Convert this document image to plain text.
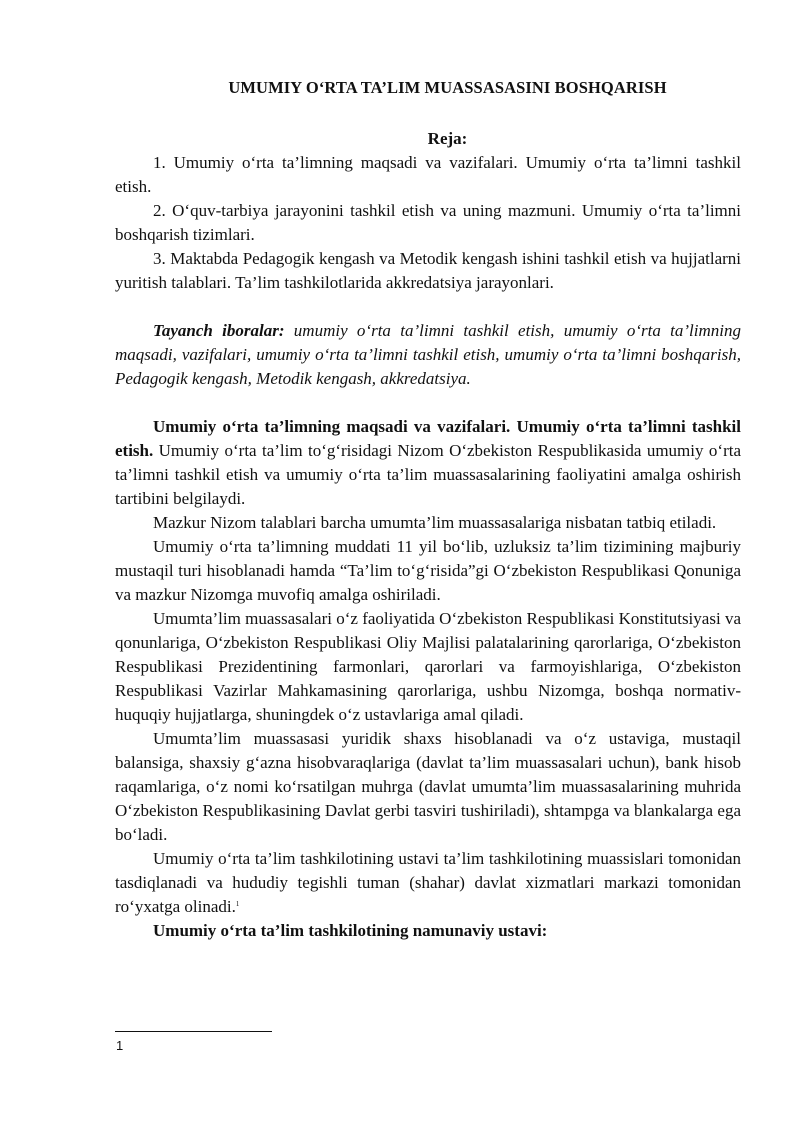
UMUMIY O‘RTA TA’LIM MUASSASASINI BOSHQARISH
Reja:

1. Umumiy o‘rta ta’limning maqsadi va vazifalari. Umumiy o‘rta ta’limni tashkil etish.

2. O‘quv-tarbiya jarayonini tashkil etish va uning mazmuni. Umumiy o‘rta ta’limni boshqarish tizimlari.

3. Maktabda Pedagogik kengash va Metodik kengash ishini tashkil etish va hujjatlarni yuritish talablari. Ta’lim tashkilotlarida akkredatsiya jarayonlari.

Tayanch iboralar: umumiy o‘rta ta’limni tashkil etish, umumiy o‘rta ta’limning maqsadi, vazifalari, umumiy o‘rta ta’limni tashkil etish, umumiy o‘rta ta’limni boshqarish, Pedagogik kengash, Metodik kengash, akkredatsiya.

Umumiy o‘rta ta’limning maqsadi va vazifalari. Umumiy o‘rta ta’limni tashkil etish. Umumiy o‘rta ta’lim to‘g‘risidagi Nizom O‘zbekiston Respublikasida umumiy o‘rta ta’limni tashkil etish va umumiy o‘rta ta’lim muassasalarining faoliyatini amalga oshirish tartibini belgilaydi.

Mazkur Nizom talablari barcha umumta’lim muassasalariga nisbatan tatbiq etiladi.

Umumiy o‘rta ta’limning muddati 11 yil bo‘lib, uzluksiz ta’lim tizimining majburiy mustaqil turi hisoblanadi hamda “Ta’lim to‘g‘risida”gi O‘zbekiston Respublikasi Qonuniga va mazkur Nizomga muvofiq amalga oshiriladi.

Umumta’lim muassasalari o‘z faoliyatida O‘zbekiston Respublikasi Konstitutsiyasi va qonunlariga, O‘zbekiston Respublikasi Oliy Majlisi palatalarining qarorlariga, O‘zbekiston Respublikasi Prezidentining farmonlari, qarorlari va farmoyishlariga, O‘zbekiston Respublikasi Vazirlar Mahkamasining qarorlariga, ushbu Nizomga, boshqa normativ-huquqiy hujjatlarga, shuningdek o‘z ustavlariga amal qiladi.

Umumta’lim muassasasi yuridik shaxs hisoblanadi va o‘z ustaviga, mustaqil balansiga, shaxsiy g‘azna hisobvaraqlariga (davlat ta’lim muassasalari uchun), bank hisob raqamlariga, o‘z nomi ko‘rsatilgan muhrga (davlat umumta’lim muassasalarining muhrida O‘zbekiston Respublikasining Davlat gerbi tasviri tushiriladi), shtampga va blankalarga ega bo‘ladi.

Umumiy o‘rta ta’lim tashkilotining ustavi ta’lim tashkilotining muassislari tomonidan tasdiqlanadi va hududiy tegishli tuman (shahar) davlat xizmatlari markazi tomonidan ro‘yxatga olinadi.$^1$

Umumiy o‘rta ta’lim tashkilotining namunaviy ustavi:

1
